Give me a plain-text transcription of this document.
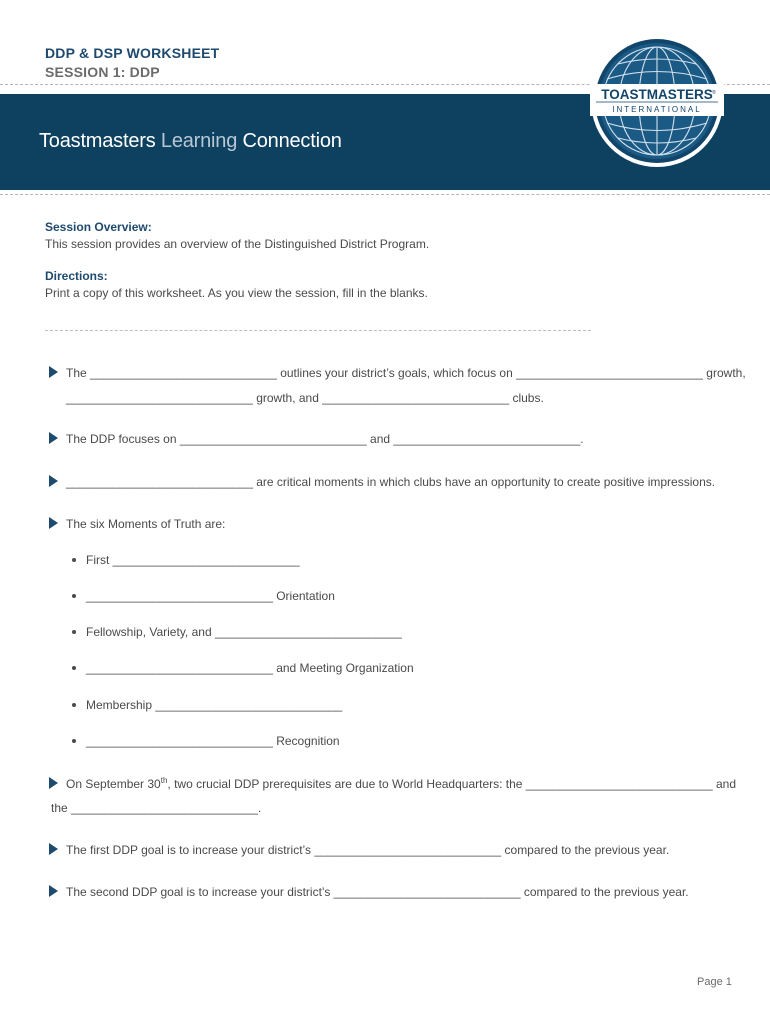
DDP & DSP WORKSHEET
SESSION 1: DDP
Toastmasters Learning Connection
TOASTMASTERS
INTERNATIONAL
®
Session Overview:
This session provides an overview of the Distinguished District Program.
Directions:
Print a copy of this worksheet. As you view the session, fill in the blanks.
The ____________________________ outlines your district’s goals, which focus on ____________________________ growth,
____________________________ growth, and ____________________________ clubs.
The DDP focuses on ____________________________ and ____________________________.
____________________________ are critical moments in which clubs have an opportunity to create positive impressions.
The six Moments of Truth are:
First ____________________________
____________________________ Orientation
Fellowship, Variety, and ____________________________
____________________________ and Meeting Organization
Membership ____________________________
____________________________ Recognition
On September 30th, two crucial DDP prerequisites are due to World Headquarters: the ____________________________ and
the ____________________________.
The first DDP goal is to increase your district’s ____________________________ compared to the previous year.
The second DDP goal is to increase your district’s ____________________________ compared to the previous year.
Page 1
